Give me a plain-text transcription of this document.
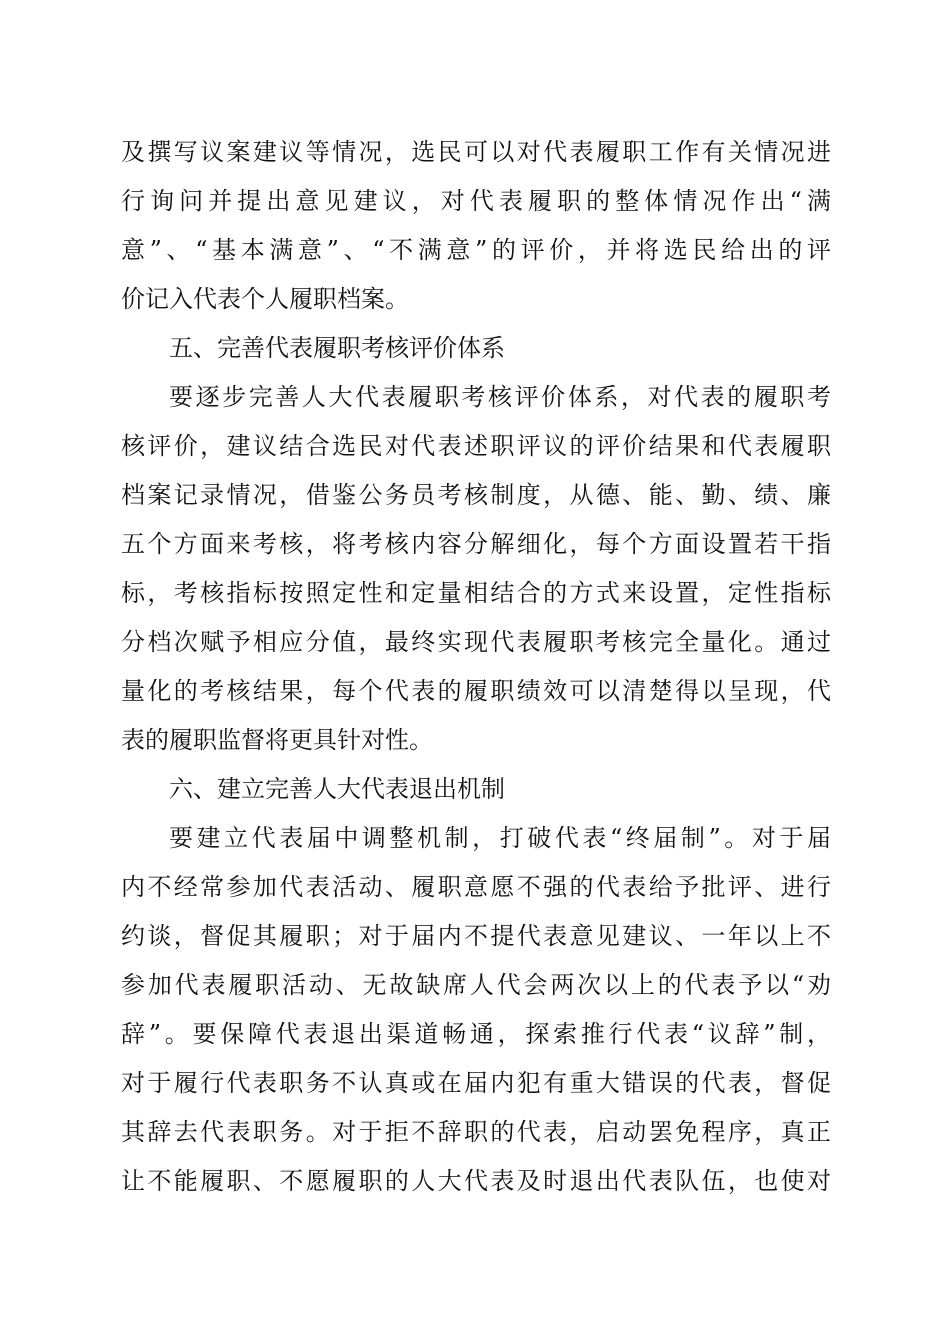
及撰写议案建议等情况，选民可以对代表履职工作有关情况进
行询问并提出意见建议，对代表履职的整体情况作出“满
意”、“基本满意”、“不满意”的评价，并将选民给出的评
价记入代表个人履职档案。
五、完善代表履职考核评价体系
要逐步完善人大代表履职考核评价体系，对代表的履职考
核评价，建议结合选民对代表述职评议的评价结果和代表履职
档案记录情况，借鉴公务员考核制度，从德、能、勤、绩、廉
五个方面来考核，将考核内容分解细化，每个方面设置若干指
标，考核指标按照定性和定量相结合的方式来设置，定性指标
分档次赋予相应分值，最终实现代表履职考核完全量化。通过
量化的考核结果，每个代表的履职绩效可以清楚得以呈现，代
表的履职监督将更具针对性。
六、建立完善人大代表退出机制
要建立代表届中调整机制，打破代表“终届制”。对于届
内不经常参加代表活动、履职意愿不强的代表给予批评、进行
约谈，督促其履职；对于届内不提代表意见建议、一年以上不
参加代表履职活动、无故缺席人代会两次以上的代表予以“劝
辞”。要保障代表退出渠道畅通，探索推行代表“议辞”制，
对于履行代表职务不认真或在届内犯有重大错误的代表，督促
其辞去代表职务。对于拒不辞职的代表，启动罢免程序，真正
让不能履职、不愿履职的人大代表及时退出代表队伍，也使对
